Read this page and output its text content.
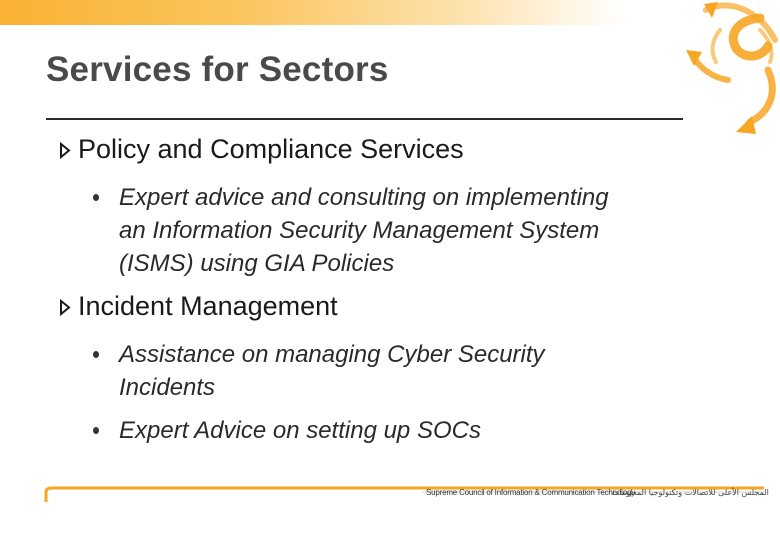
Services for Sectors
Policy and Compliance Services
Expert advice and consulting on implementing
an Information Security Management System
(ISMS) using GIA Policies
Incident Management
Assistance on managing Cyber Security
Incidents
Expert Advice on setting up SOCs
Supreme Council of Information & Communication Technology
المجلس الأعلى للاتصالات وتكنولوجيا المعلومات
